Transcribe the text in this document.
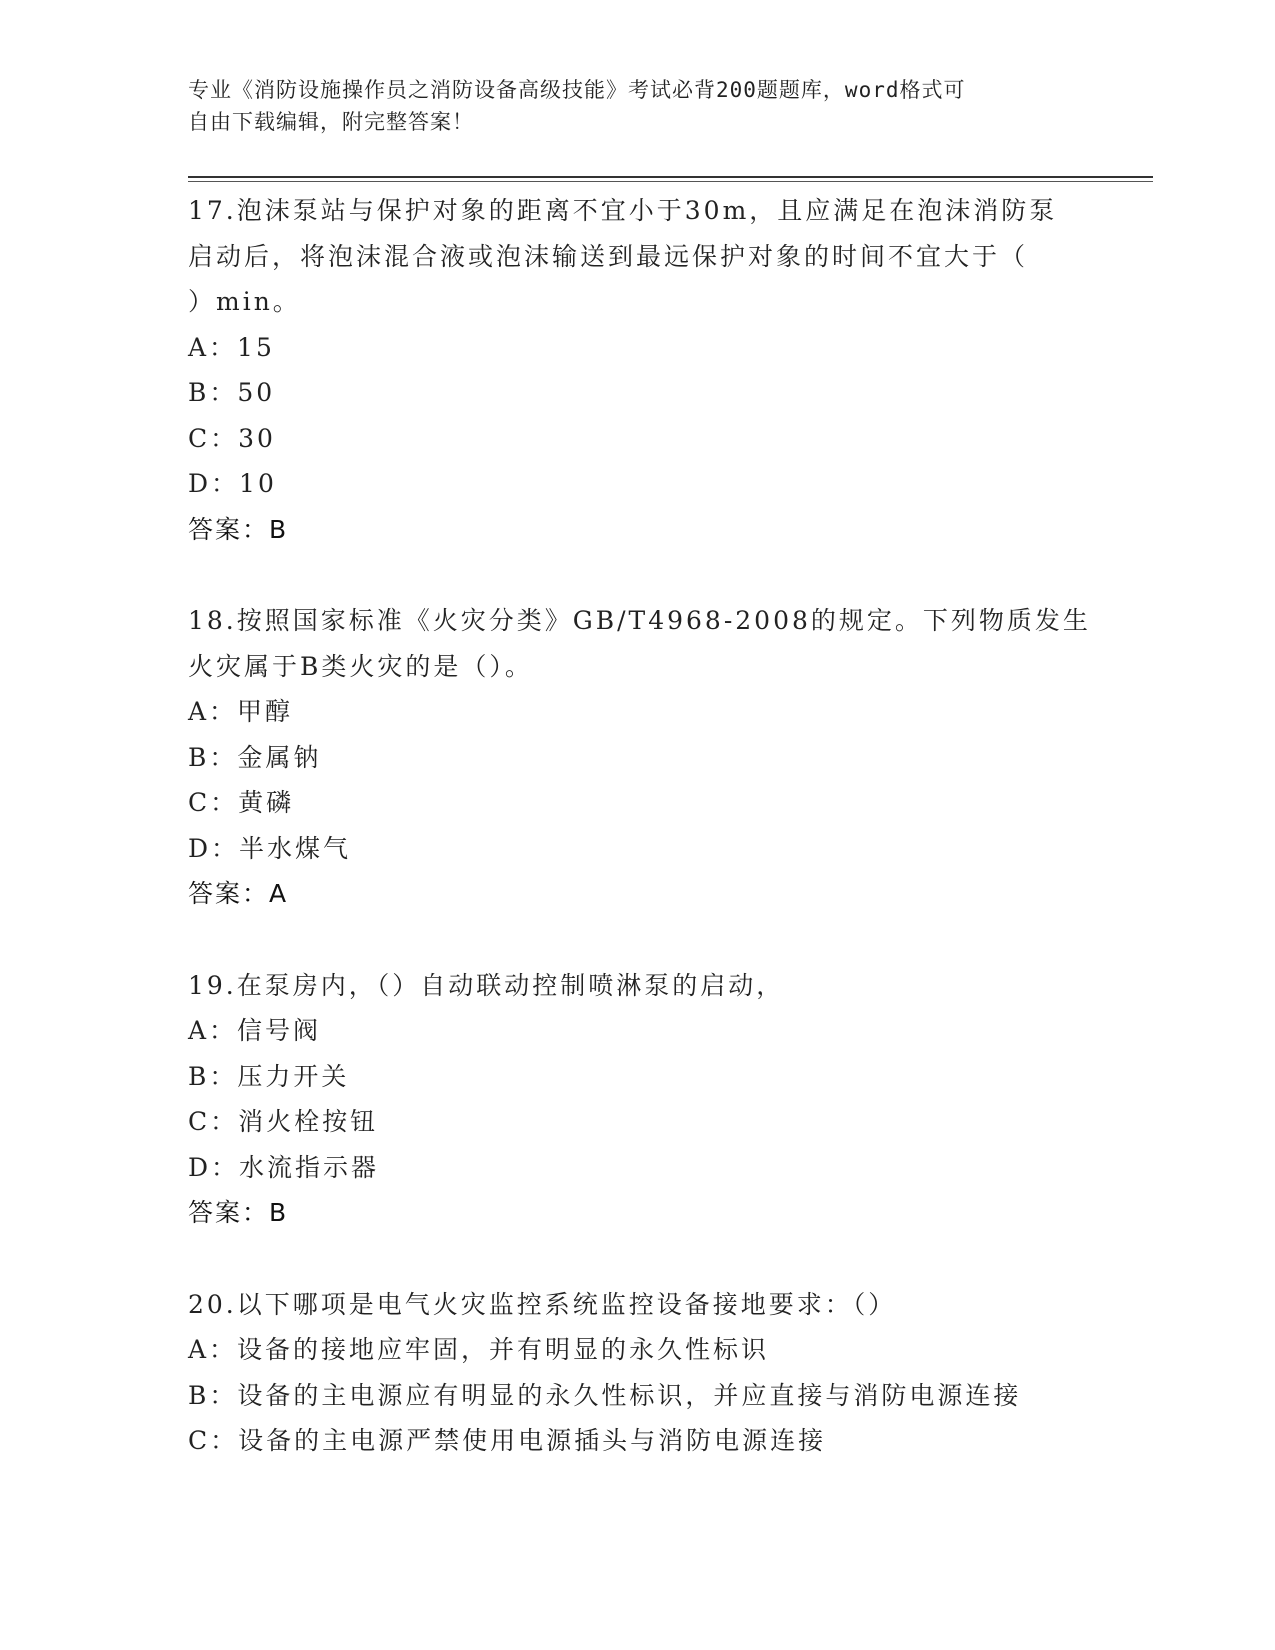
专业《消防设施操作员之消防设备高级技能》考试必背200题题库，word格式可
自由下载编辑，附完整答案！
17.泡沫泵站与保护对象的距离不宜小于30m，且应满足在泡沫消防泵
启动后，将泡沫混合液或泡沫输送到最远保护对象的时间不宜大于（
）min。
A：15
B：50
C：30
D：10
答案：B
18.按照国家标准《火灾分类》GB/T4968-2008的规定。下列物质发生
火灾属于B类火灾的是（）。
A：甲醇
B：金属钠
C：黄磷
D：半水煤气
答案：A
19.在泵房内，（）自动联动控制喷淋泵的启动，
A：信号阀
B：压力开关
C：消火栓按钮
D：水流指示器
答案：B
20.以下哪项是电气火灾监控系统监控设备接地要求：（）
A：设备的接地应牢固，并有明显的永久性标识
B：设备的主电源应有明显的永久性标识，并应直接与消防电源连接
C：设备的主电源严禁使用电源插头与消防电源连接
